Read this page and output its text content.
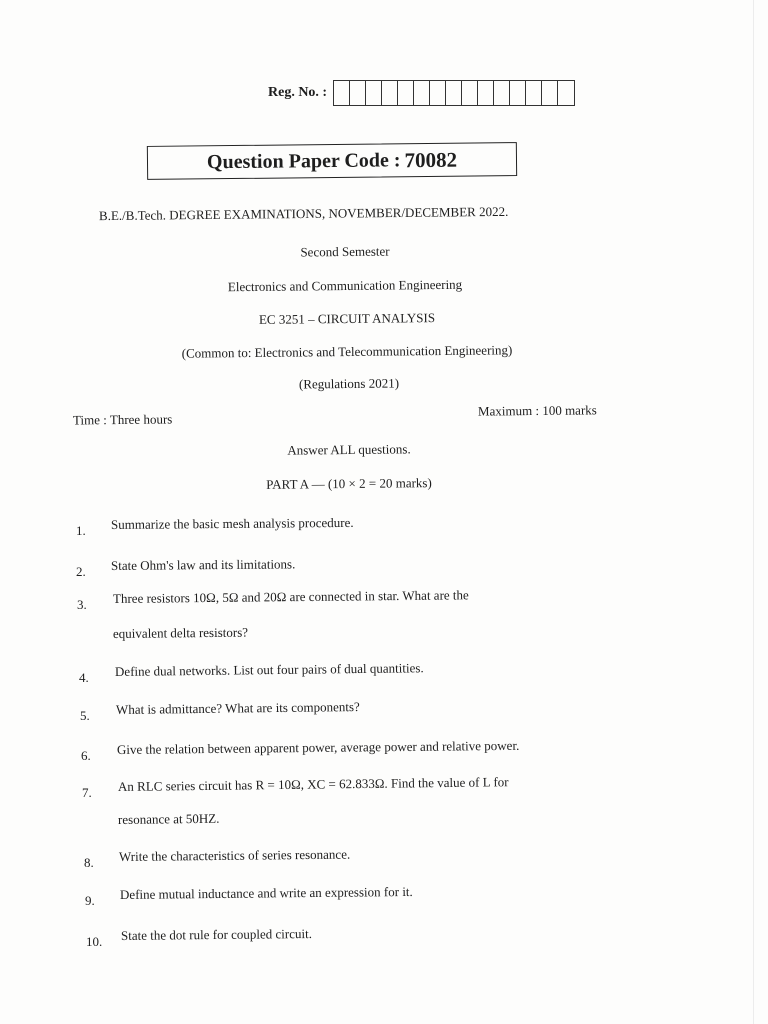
Reg. No. :
Question Paper Code : 70082
B.E./B.Tech. DEGREE EXAMINATIONS, NOVEMBER/DECEMBER 2022.
Second Semester
Electronics and Communication Engineering
EC 3251 – CIRCUIT ANALYSIS
(Common to: Electronics and Telecommunication Engineering)
(Regulations 2021)
Time : Three hours
Maximum : 100 marks
Answer ALL questions.
PART A — (10 × 2 = 20 marks)
1. Summarize the basic mesh analysis procedure.
2. State Ohm's law and its limitations.
3. Three resistors 10Ω, 5Ω and 20Ω are connected in star. What are the
equivalent delta resistors?
4. Define dual networks. List out four pairs of dual quantities.
5. What is admittance? What are its components?
6. Give the relation between apparent power, average power and relative power.
7. An RLC series circuit has R = 10Ω, XC = 62.833Ω. Find the value of L for
resonance at 50HZ.
8. Write the characteristics of series resonance.
9. Define mutual inductance and write an expression for it.
10. State the dot rule for coupled circuit.
